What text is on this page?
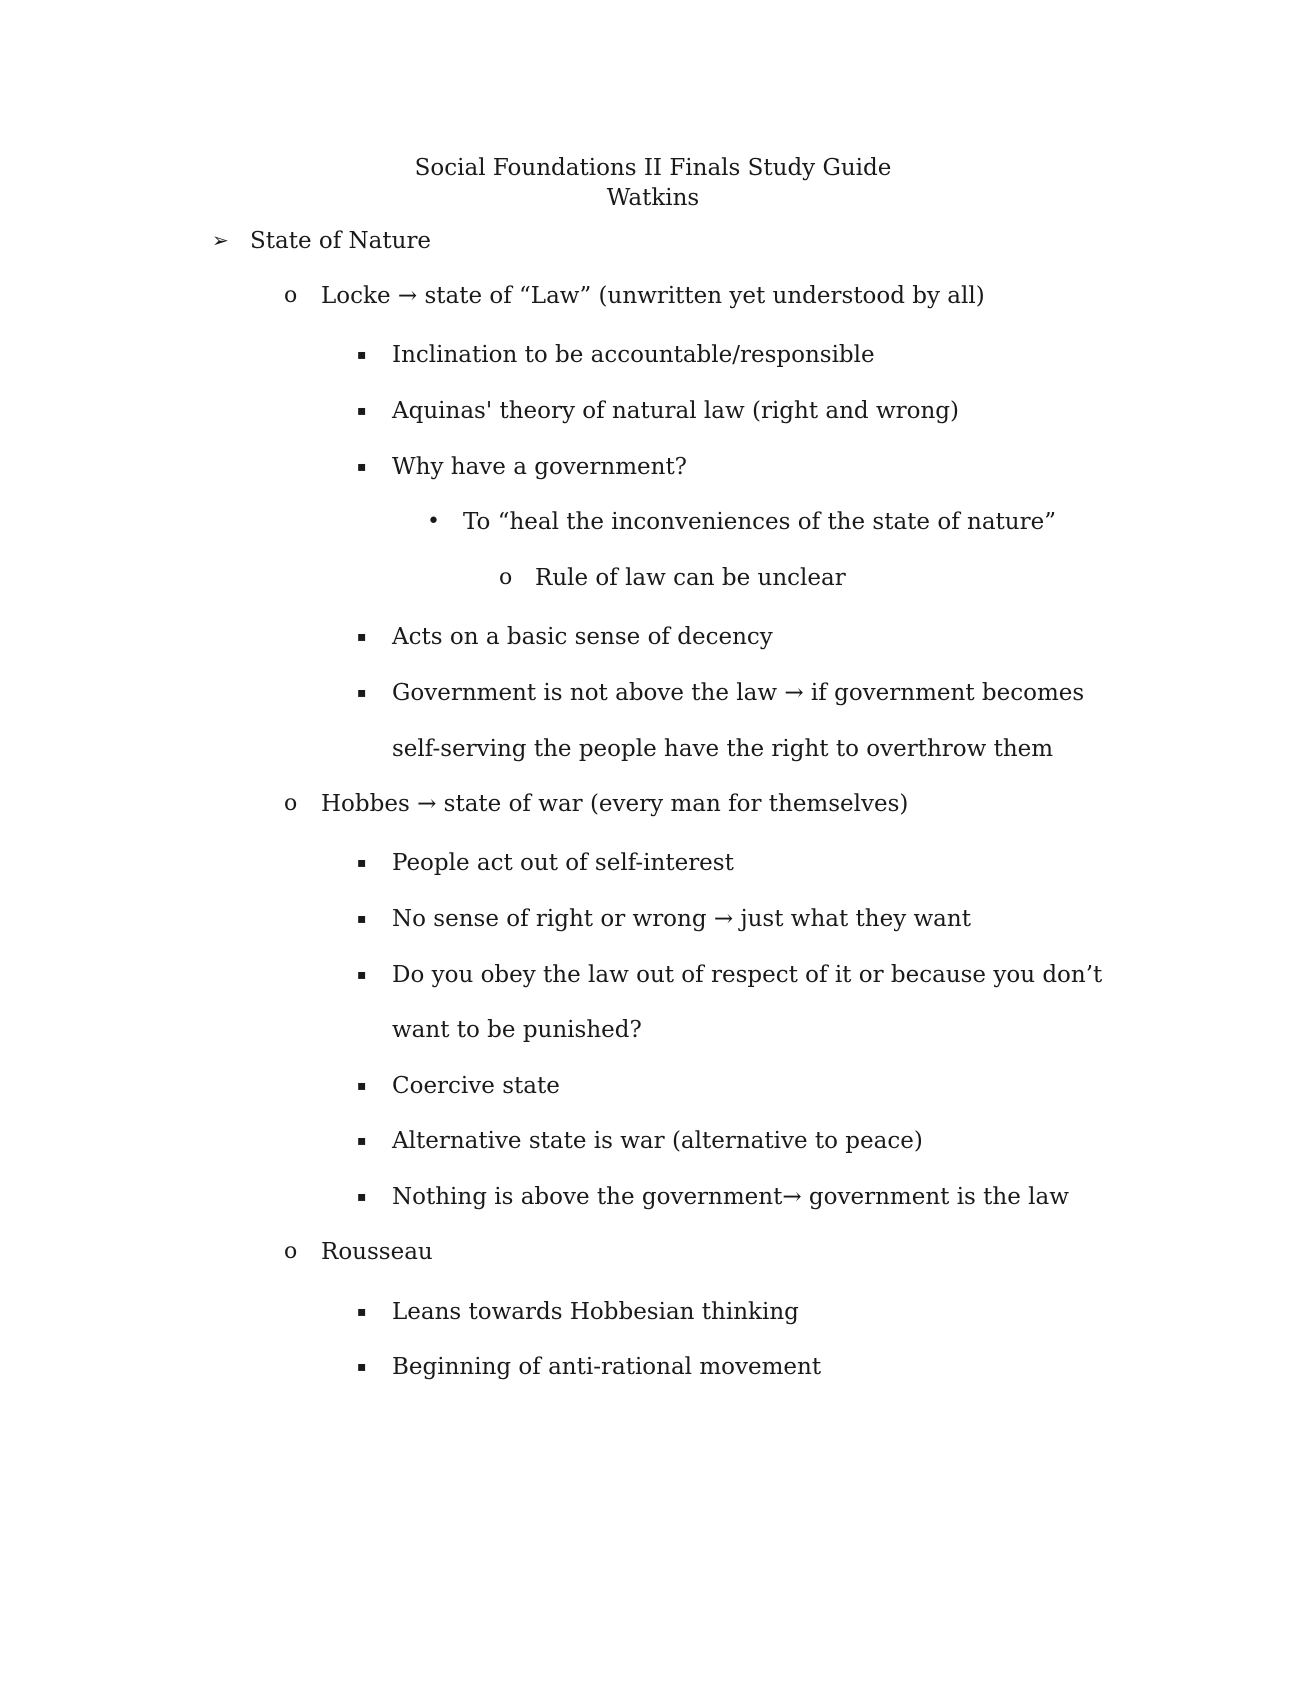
Social Foundations II Finals Study Guide
Watkins
➢ State of Nature
o Locke → state of “Law” (unwritten yet understood by all)
▪ Inclination to be accountable/responsible
▪ Aquinas' theory of natural law (right and wrong)
▪ Why have a government?
• To “heal the inconveniences of the state of nature”
o Rule of law can be unclear
▪ Acts on a basic sense of decency
▪ Government is not above the law → if government becomes
self-serving the people have the right to overthrow them
o Hobbes → state of war (every man for themselves)
▪ People act out of self-interest
▪ No sense of right or wrong → just what they want
▪ Do you obey the law out of respect of it or because you don’t
want to be punished?
▪ Coercive state
▪ Alternative state is war (alternative to peace)
▪ Nothing is above the government→ government is the law
o Rousseau
▪ Leans towards Hobbesian thinking
▪ Beginning of anti-rational movement
